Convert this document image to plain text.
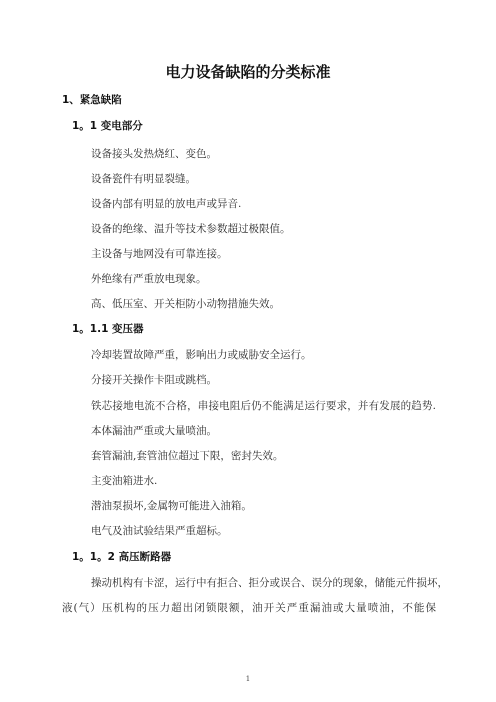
电力设备缺陷的分类标准
1、紧急缺陷
1。1 变电部分
设备接头发热烧红、变色。
设备瓷件有明显裂缝。
设备内部有明显的放电声或异音.
设备的绝缘、温升等技术参数超过极限值。
主设备与地网没有可靠连接。
外绝缘有严重放电现象。
高、低压室、开关柜防小动物措施失效。
1。1.1 变压器
冷却装置故障严重，影响出力或威胁安全运行。
分接开关操作卡阻或跳档。
铁芯接地电流不合格，串接电阻后仍不能满足运行要求，并有发展的趋势.
本体漏油严重或大量喷油。
套管漏油,套管油位超过下限，密封失效。
主变油箱进水.
潜油泵损坏,金属物可能进入油箱。
电气及油试验结果严重超标。
1。1。2 高压断路器
操动机构有卡涩，运行中有拒合、拒分或误合、误分的现象，储能元件损坏，
液(气）压机构的压力超出闭锁限额，油开关严重漏油或大量喷油，不能保
1
